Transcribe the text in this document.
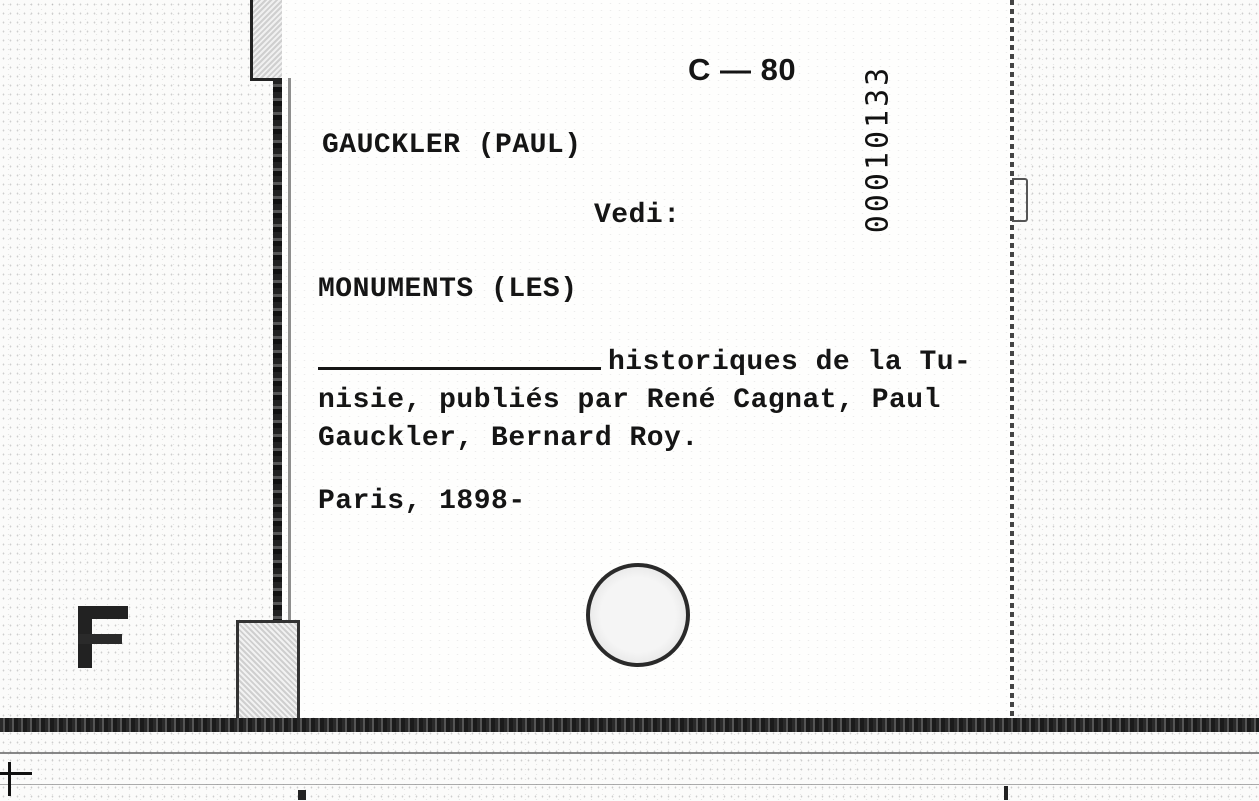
C — 80 00010133

GAUCKLER (PAUL)

Vedi:

MONUMENTS (LES)

historiques de la Tu-nisie, publiés par René Cagnat, Paul Gauckler, Bernard Roy.

Paris, 1898-
